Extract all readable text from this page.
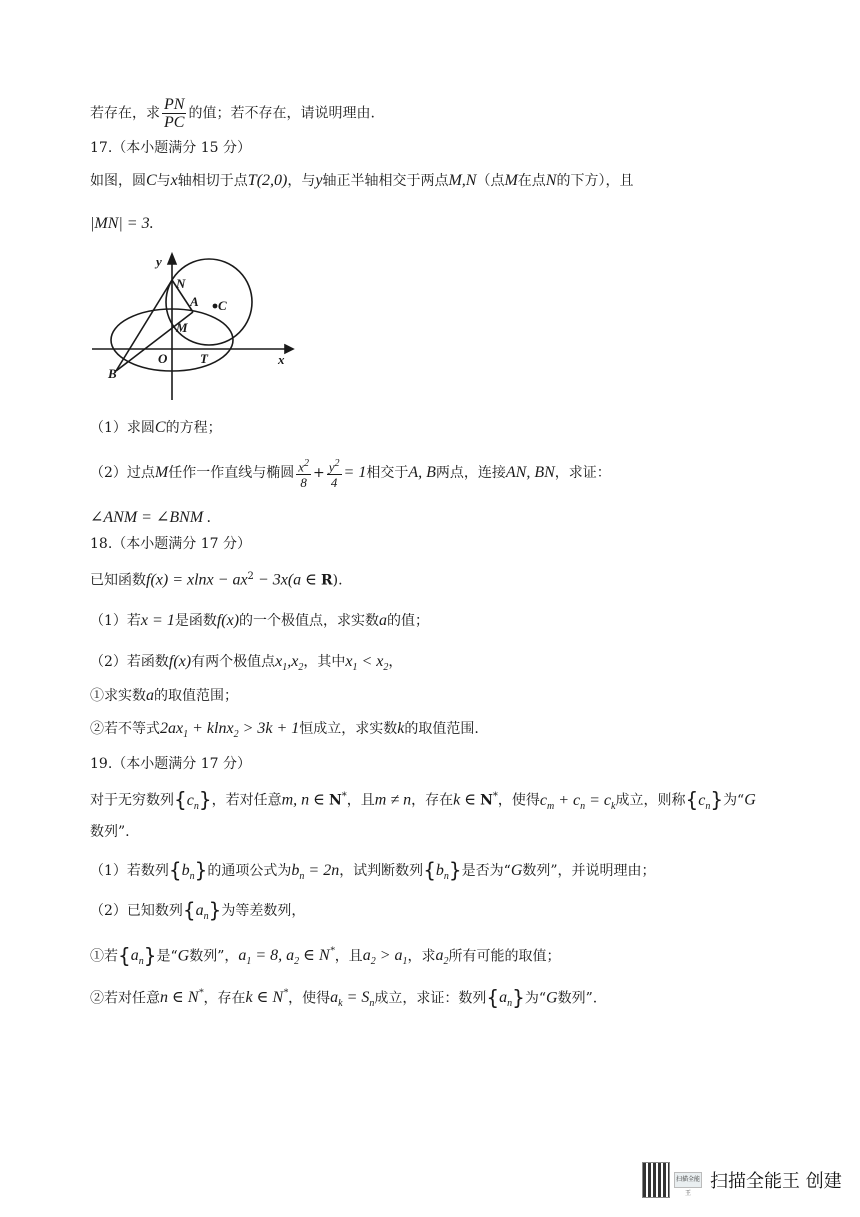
若存在，求 $\frac{PN}{PC}$ 的值；若不存在，请说明理由.
17.（本小题满分 15 分）
如图，圆C与x轴相切于点T(2,0)，与y轴正半轴相交于两点M,N（点M在点N的下方），且
|MN| = 3.
y
x
N
A C
M
O	T
B
（1）求圆C的方程；
（2）过点M任作一作直线与椭圆 $\frac{x^2}{8} + \frac{y^2}{4} = 1$相交于A, B两点，连接AN, BN，求证：
∠ANM = ∠BNM .
18.（本小题满分 17 分）
已知函数$f(x) = xlnx - ax^2 - 3x(a$ ∈ R).
（1）若x = 1是函数f(x)的一个极值点，求实数a的值；
（2）若函数f(x)有两个极值点$x_1,x_2$，其中$x_1 < x_2$，
①求实数a的取值范围；
②若不等式$2ax_1 + klnx_2 > 3k + 1$恒成立，求实数k的取值范围.
19.（本小题满分 17 分）
对于无穷数列$\{c_n\}$，若对任意m, n ∈ N*，且m ≠ n，存在k ∈ N*，使得$c_m + c_n = c_k$成立，则称$\{c_n\}$为“G
数列”.
（1）若数列$\{b_n\}$的通项公式为$b_n = 2n$，试判断数列$\{b_n\}$是否为“G数列”，并说明理由；
（2）已知数列$\{a_n\}$为等差数列，
①若$\{a_n\}$是“G数列”，$a_1 = 8$, $a_2$ ∈ N*，且$a_2 > a_1$，求$a_2$所有可能的取值；
②若对任意n ∈ N*，存在k ∈ N*，使得$a_k = S_n$成立，求证：数列$\{a_n\}$为“G数列”.
扫描全能王
扫描全能王 创建
